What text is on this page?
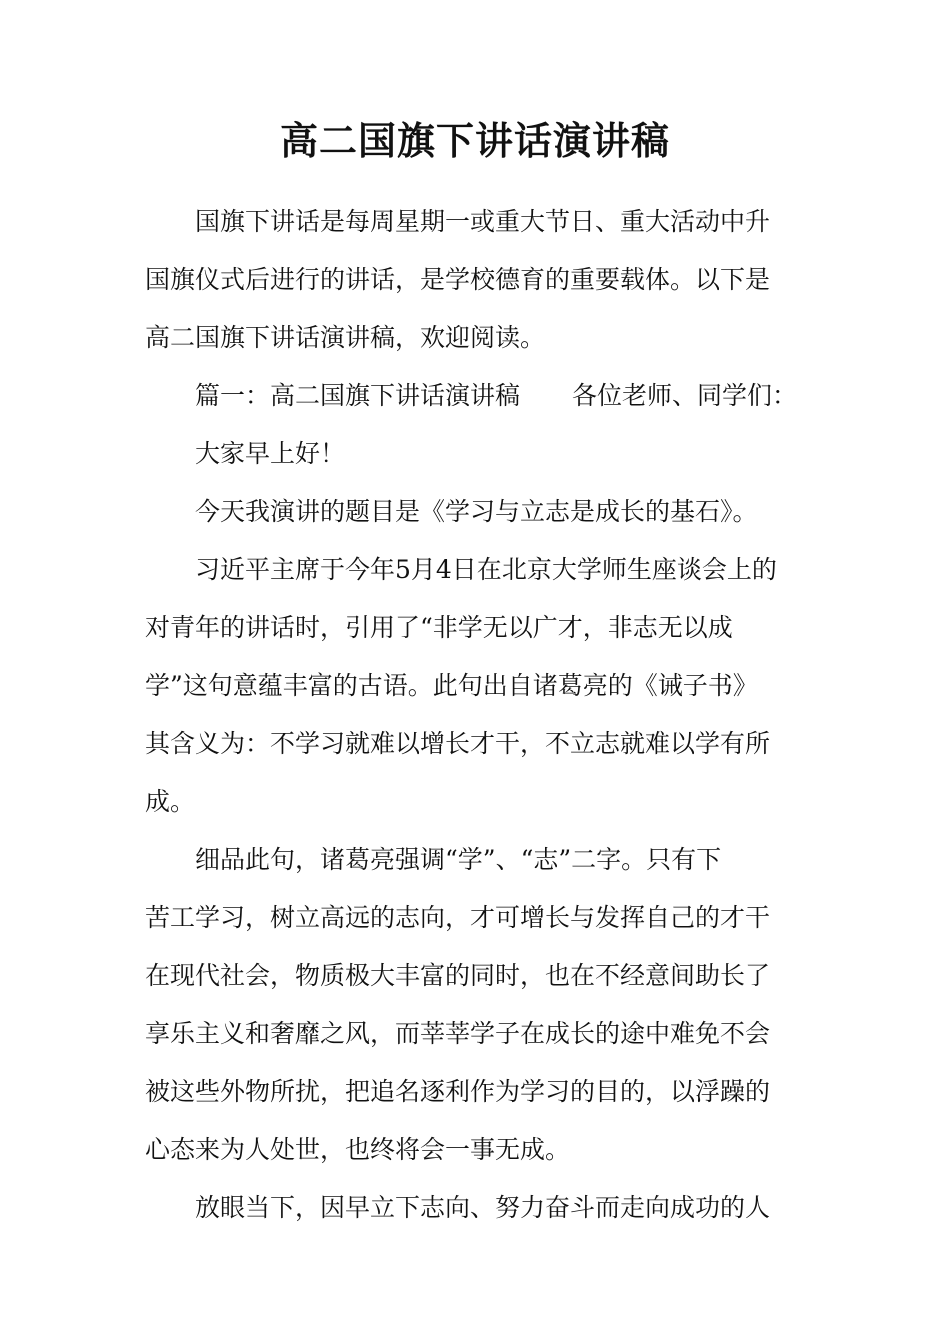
高二国旗下讲话演讲稿
国旗下讲话是每周星期一或重大节日、重大活动中升
国旗仪式后进行的讲话，是学校德育的重要载体。以下是
高二国旗下讲话演讲稿，欢迎阅读。
篇一：高二国旗下讲话演讲稿 各位老师、同学们：
大家早上好！
今天我演讲的题目是《学习与立志是成长的基石》。
习近平主席于今年5月4日在北京大学师生座谈会上的
对青年的讲话时，引用了“非学无以广才，非志无以成
学”这句意蕴丰富的古语。此句出自诸葛亮的《诫子书》
其含义为：不学习就难以增长才干，不立志就难以学有所
成。
细品此句，诸葛亮强调“学”、“志”二字。只有下
苦工学习，树立高远的志向，才可增长与发挥自己的才干
在现代社会，物质极大丰富的同时，也在不经意间助长了
享乐主义和奢靡之风，而莘莘学子在成长的途中难免不会
被这些外物所扰，把追名逐利作为学习的目的，以浮躁的
心态来为人处世，也终将会一事无成。
放眼当下，因早立下志向、努力奋斗而走向成功的人
